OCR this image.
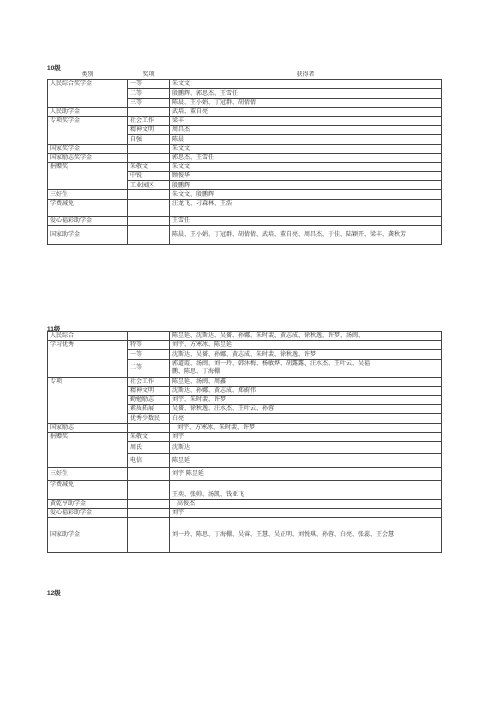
10级
类别	奖项	获得者
人民综合奖学金	一等	朱文文
	二等	殷鹏辉、郭思杰、王雪任
	三等	陈晨、王小娟、丁冠群、胡倩倩
人民助学金		武培、董自亮
专项奖学金	社会工作	梁丰
	精神文明	周昌杰
	自强	陈晨
国家奖学金		朱文文
国家励志奖学金		郭思杰、王雪任
捐赠奖	朱敬文	朱文文
	中锐	顾俊华
	工业园区	殷鹏辉
三好生		朱文文、殷鹏辉
学费减免		汪龙飞、刁森林、王浩
爱心福彩助学金		王雪任
国家助学金		陈晨、王小娟、丁冠群、胡倩倩、武培、董自亮、周昌杰、于佳、陆颖开、梁丰、龚秋芳
11级
人民综合		陈昱延、沈斯达、吴赟、孙娜、朱时裴、黄志成、徐秋逸、许梦、汤闽、
学习优秀	特等	刘宇、方寒冰、陈昱延
	一等	沈斯达、吴赟、孙娜、黄志成、朱时裴、徐秋逸、许梦
	二等	郭道霞、汤闽、刘一玲、韩沐梅、杨敏烨、胡露露、汪水杰、王叶云、吴福鹏、陈思、丁海棚
专项	社会工作	陈昱延、汤闽、周鑫
	精神文明	沈斯达、孙娜、黄志成、郑蔚伟
	勤勉励志	刘宇、朱时裴、许梦
	素质拓展	吴赟、徐秋逸、汪水杰、王叶云、孙蓉
	优秀少数民	白亮
国家励志		刘宇、方寒冰、朱时裴、许梦
捐赠奖	朱敬文	刘宇
	周氏	沈斯达
	电信	陈昱延
三好生		刘宇 陈昱延
学费减免		王奕、张帅、汤凯、钱亚飞
黄乾亨助学金		高俊杰
爱心福彩助学金		刘宇
国家助学金		刘一玲、陈思、丁海棚、吴睿、王慧、吴正明、刘悦琪、孙蓉、白亮、张蕊、王会慧
12级
